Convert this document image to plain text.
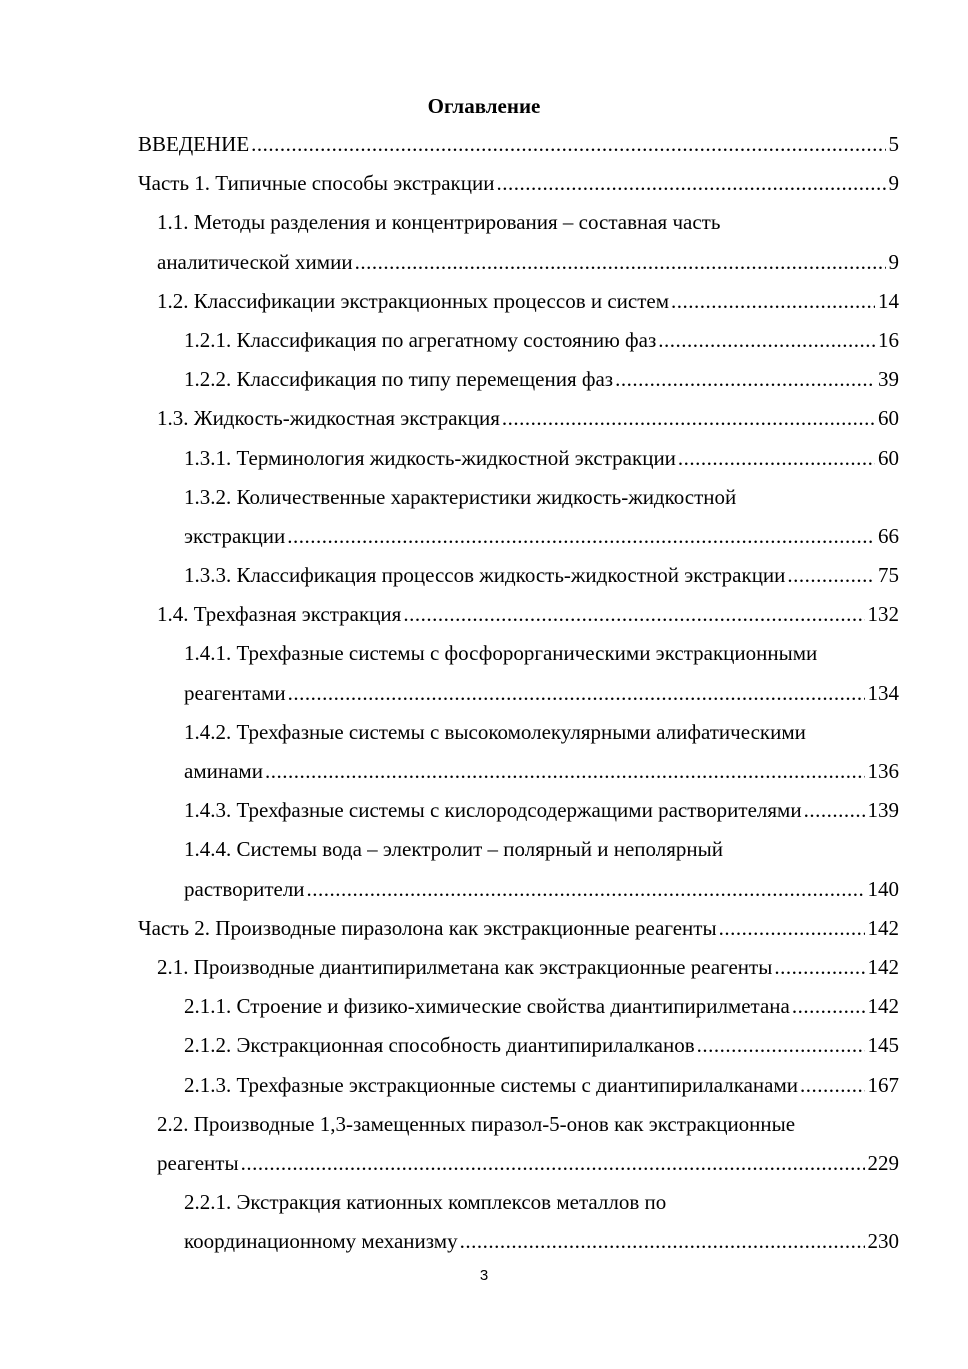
Оглавление
ВВЕДЕНИЕ .....	5
Часть 1. Типичные способы экстракции .....	9
1.1. Методы разделения и концентрирования – составная часть
аналитической химии .....	9
1.2. Классификации экстракционных процессов и систем .....	14
1.2.1. Классификация по агрегатному состоянию фаз .....	16
1.2.2. Классификация по типу перемещения фаз .....	39
1.3. Жидкость-жидкостная экстракция .....	60
1.3.1. Терминология жидкость-жидкостной экстракции .....	60
1.3.2. Количественные характеристики жидкость-жидкостной
экстракции .....	66
1.3.3. Классификация процессов жидкость-жидкостной экстракции .....	75
1.4. Трехфазная экстракция .....	132
1.4.1. Трехфазные системы с фосфорорганическими экстракционными
реагентами .....	134
1.4.2. Трехфазные системы с высокомолекулярными алифатическими
аминами .....	136
1.4.3. Трехфазные системы с кислородсодержащими растворителями .....	139
1.4.4. Системы вода – электролит – полярный и неполярный
растворители .....	140
Часть 2. Производные пиразолона как экстракционные реагенты .....	142
2.1. Производные диантипирилметана как экстракционные реагенты .....	142
2.1.1. Строение и физико-химические свойства диантипирилметана .....	142
2.1.2. Экстракционная способность диантипирилалканов .....	145
2.1.3. Трехфазные экстракционные системы с диантипирилалканами .....	167
2.2. Производные 1,3-замещенных пиразол-5-онов как экстракционные
реагенты .....	229
2.2.1. Экстракция катионных комплексов металлов по
координационному механизму .....	230
3
